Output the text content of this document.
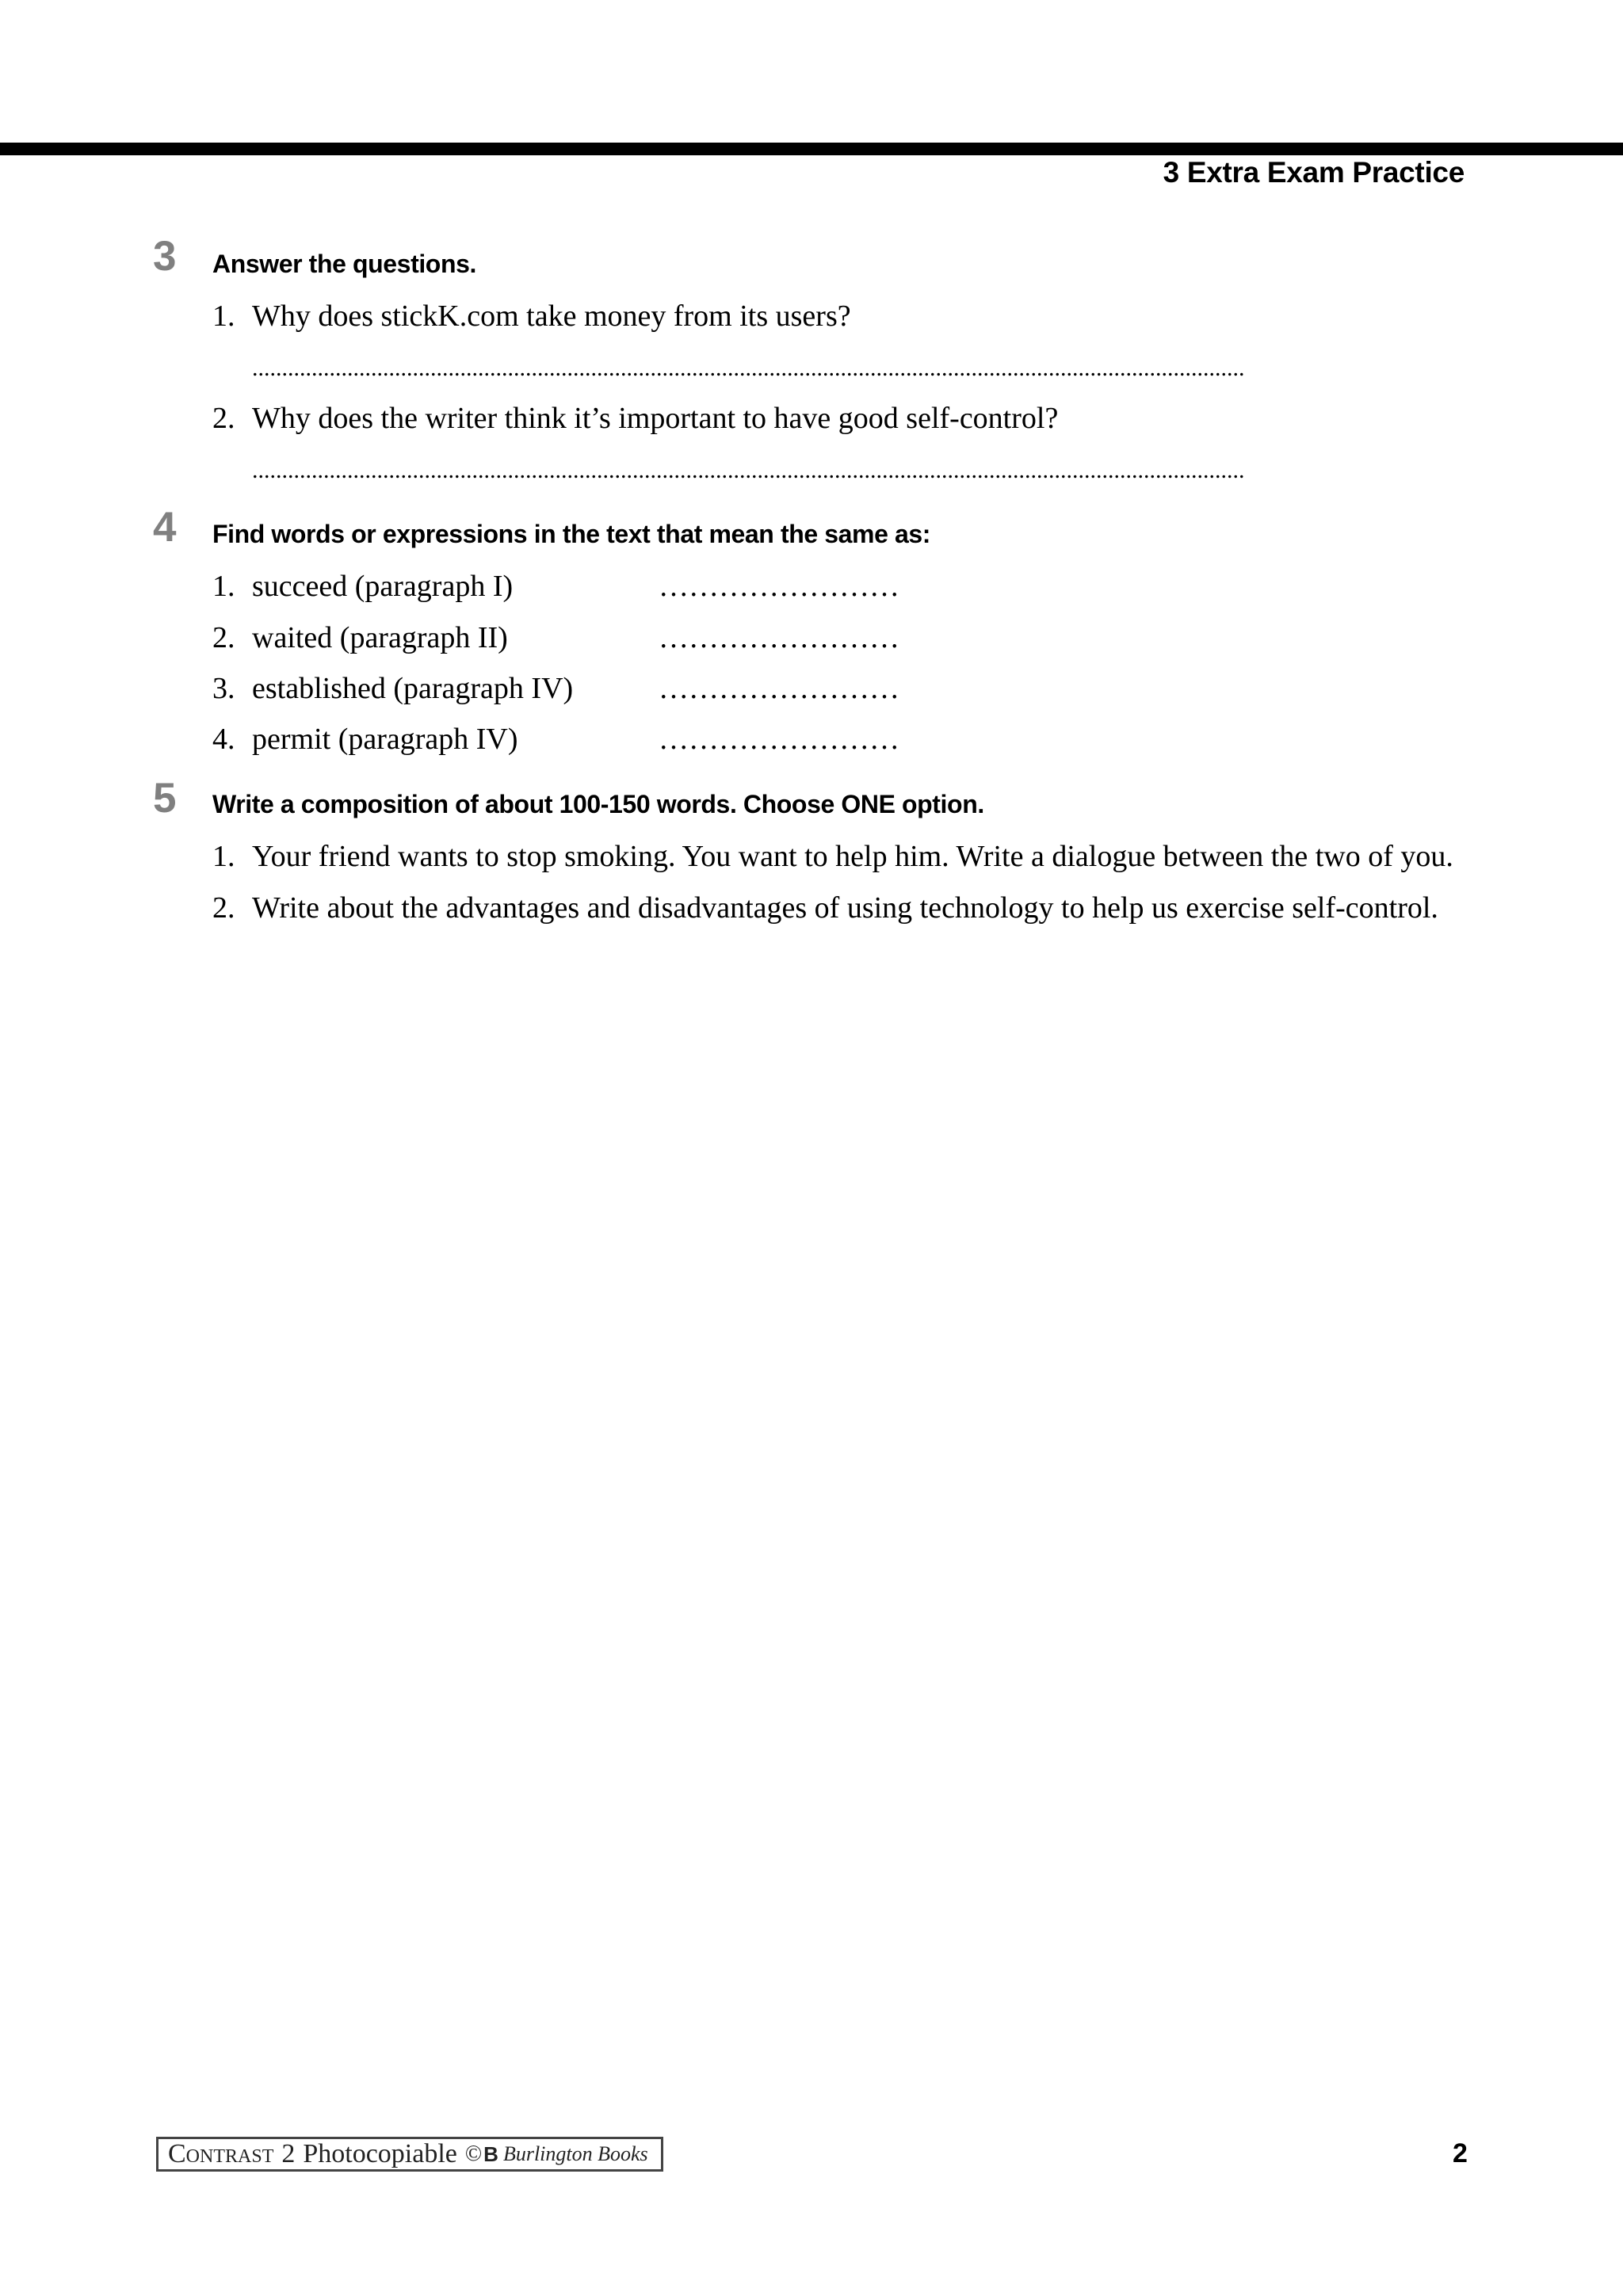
3 Extra Exam Practice
3 Answer the questions.
1. Why does stickK.com take money from its users?
.......................................................................................................................................................................
2. Why does the writer think it’s important to have good self-control?
.......................................................................................................................................................................
4 Find words or expressions in the text that mean the same as:
1. succeed (paragraph I)	……………………
2. waited (paragraph II)	……………………
3. established (paragraph IV)	……………………
4. permit (paragraph IV)	……………………
5 Write a composition of about 100-150 words. Choose ONE option.
1. Your friend wants to stop smoking. You want to help him. Write a dialogue between the two of you.
2. Write about the advantages and disadvantages of using technology to help us exercise self-control.
Contrast 2 Photocopiable © B Burlington Books	2
